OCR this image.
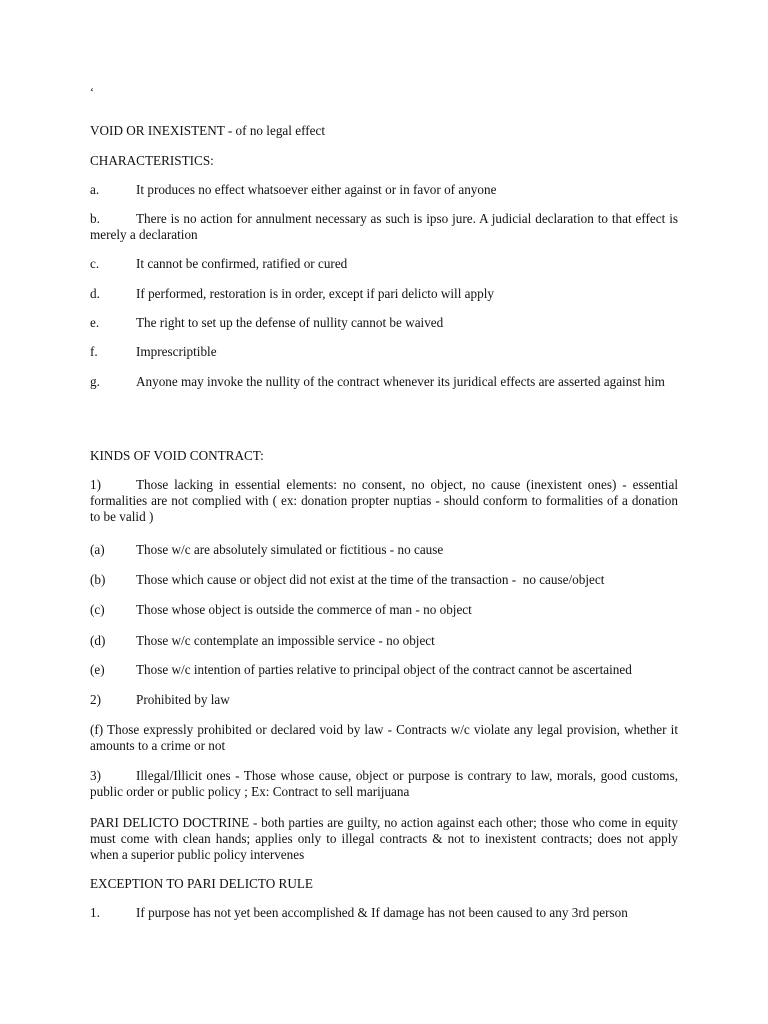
‘
VOID OR INEXISTENT - of no legal effect
CHARACTERISTICS:
a.	It produces no effect whatsoever either against or in favor of anyone
b.	There is no action for annulment necessary as such is ipso jure. A judicial declaration to that effect is merely a declaration
c.	It cannot be confirmed, ratified or cured
d.	If performed, restoration is in order, except if pari delicto will apply
e.	The right to set up the defense of nullity cannot be waived
f.	Imprescriptible
g.	Anyone may invoke the nullity of the contract whenever its juridical effects are asserted against him
KINDS OF VOID CONTRACT:
1)	Those lacking in essential elements: no consent, no object, no cause (inexistent ones) - essential formalities are not complied with ( ex: donation propter nuptias - should conform to formalities of a donation to be valid )
(a) Those w/c are absolutely simulated or fictitious - no cause
(b) Those which cause or object did not exist at the time of the transaction -  no cause/object
(c) Those whose object is outside the commerce of man - no object
(d) Those w/c contemplate an impossible service - no object
(e) Those w/c intention of parties relative to principal object of the contract cannot be ascertained
2)	Prohibited by law
(f) Those expressly prohibited or declared void by law - Contracts w/c violate any legal provision, whether it amounts to a crime or not
3)	Illegal/Illicit ones - Those whose cause, object or purpose is contrary to law, morals, good customs, public order or public policy ; Ex: Contract to sell marijuana
PARI DELICTO DOCTRINE - both parties are guilty, no action against each other; those who come in equity must come with clean hands; applies only to illegal contracts & not to inexistent contracts; does not apply when a superior public policy intervenes
EXCEPTION TO PARI DELICTO RULE
1.	If purpose has not yet been accomplished & If damage has not been caused to any 3rd person
